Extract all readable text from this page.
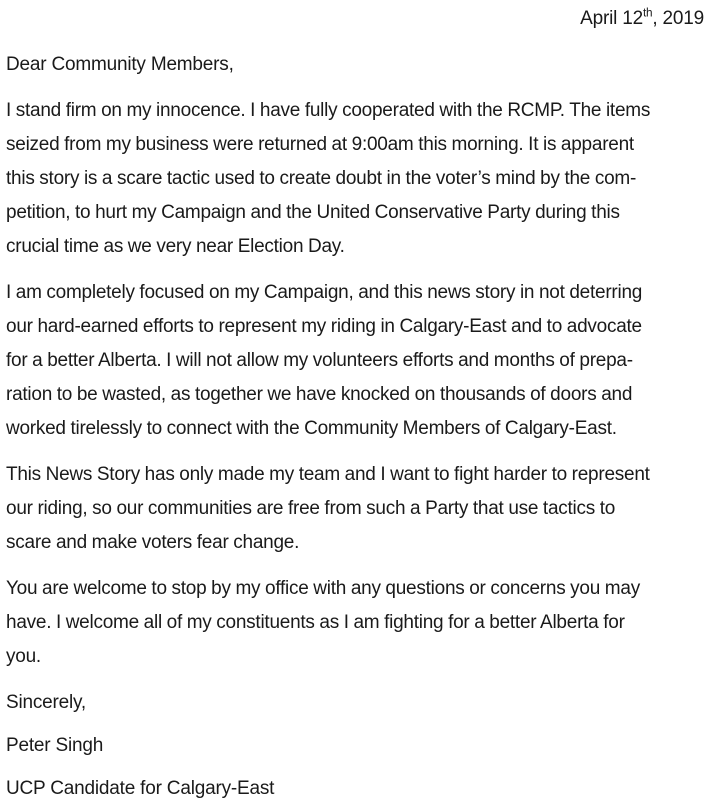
April 12th, 2019
Dear Community Members,
I stand firm on my innocence. I have fully cooperated with the RCMP. The items
seized from my business were returned at 9:00am this morning. It is apparent
this story is a scare tactic used to create doubt in the voter’s mind by the com-
petition, to hurt my Campaign and the United Conservative Party during this
crucial time as we very near Election Day.
I am completely focused on my Campaign, and this news story in not deterring
our hard-earned efforts to represent my riding in Calgary-East and to advocate
for a better Alberta. I will not allow my volunteers efforts and months of prepa-
ration to be wasted, as together we have knocked on thousands of doors and
worked tirelessly to connect with the Community Members of Calgary-East.
This News Story has only made my team and I want to fight harder to represent
our riding, so our communities are free from such a Party that use tactics to
scare and make voters fear change.
You are welcome to stop by my office with any questions or concerns you may
have. I welcome all of my constituents as I am fighting for a better Alberta for
you.
Sincerely,
Peter Singh
UCP Candidate for Calgary-East
